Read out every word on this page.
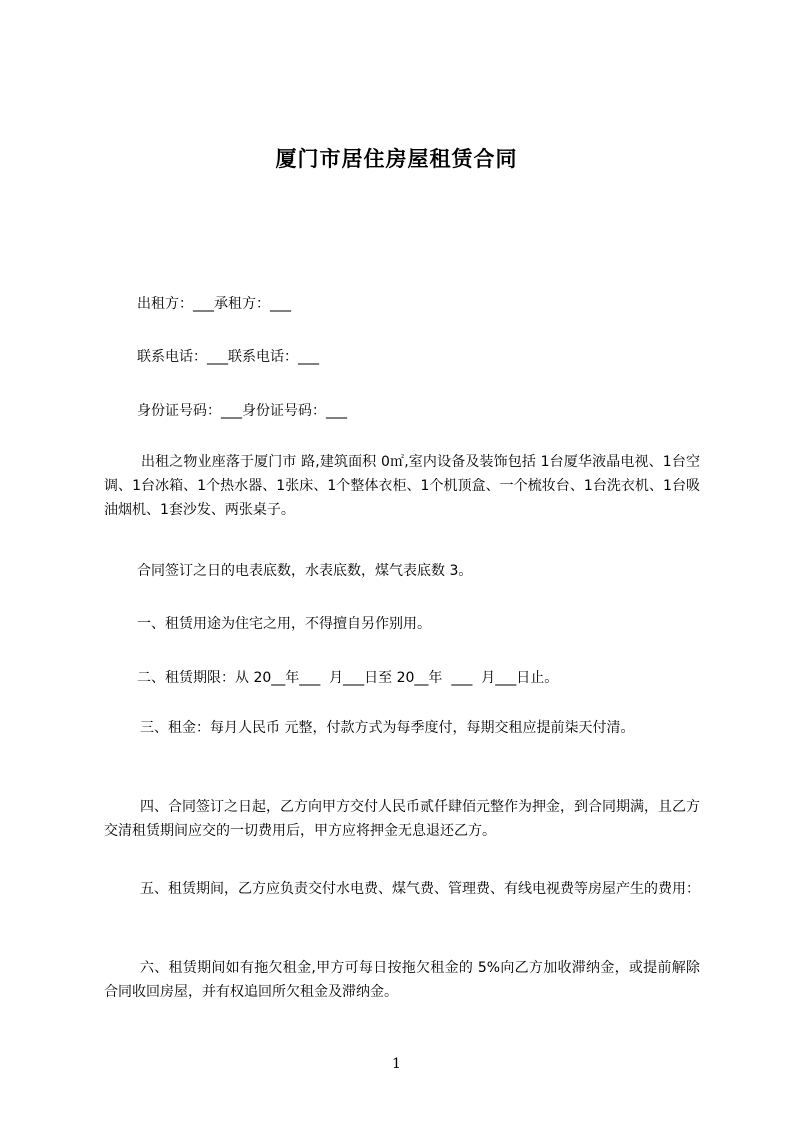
厦门市居住房屋租赁合同
出租方：___承租方：___
联系电话：___联系电话：___
身份证号码：___身份证号码：___
出租之物业座落于厦门市 路,建筑面积 0㎡,室内设备及装饰包括 1台厦华液晶电视、1台空调、1台冰箱、1个热水器、1张床、1个整体衣柜、1个机顶盒、一个梳妆台、1台洗衣机、1台吸油烟机、1套沙发、两张桌子。
合同签订之日的电表底数，水表底数，煤气表底数 3。
一、租赁用途为住宅之用，不得擅自另作别用。
二、租赁期限：从 20__年___  月___日至 20__年  ___  月___日止。
三、租金：每月人民币 元整，付款方式为每季度付，每期交租应提前柒天付清。
四、合同签订之日起，乙方向甲方交付人民币贰仟肆佰元整作为押金，到合同期满，且乙方交清租赁期间应交的一切费用后，甲方应将押金无息退还乙方。
五、租赁期间，乙方应负责交付水电费、煤气费、管理费、有线电视费等房屋产生的费用：
六、租赁期间如有拖欠租金,甲方可每日按拖欠租金的 5%向乙方加收滞纳金，或提前解除合同收回房屋，并有权追回所欠租金及滞纳金。
1
